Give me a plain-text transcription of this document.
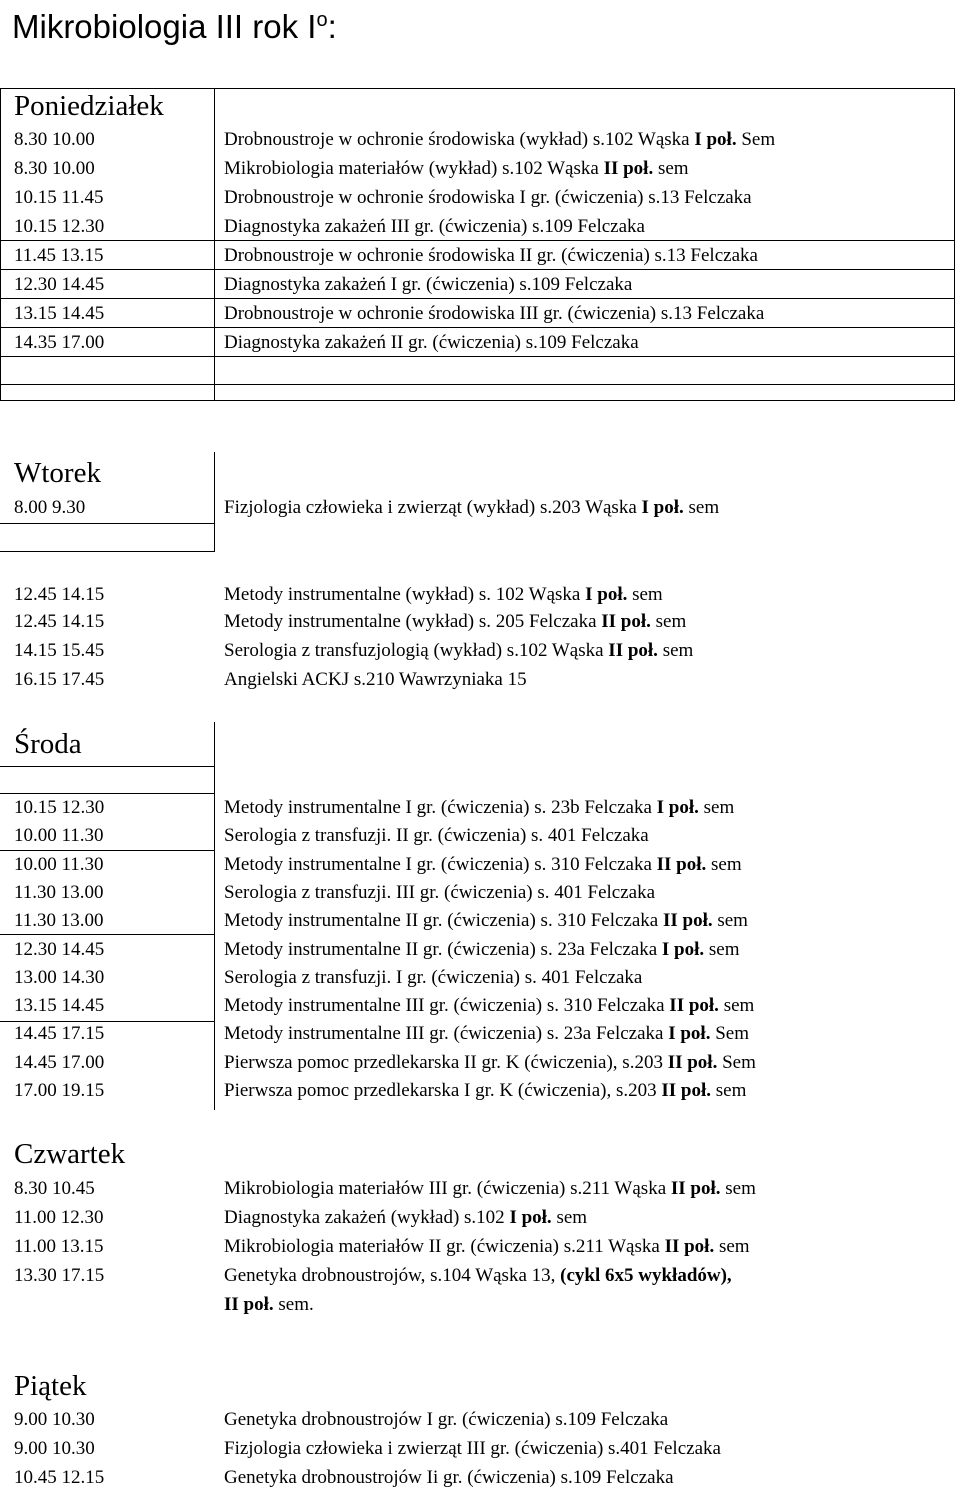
Mikrobiologia III rok $I^o$:
Poniedziałek
8.30 10.00	Drobnoustroje w ochronie środowiska (wykład) s.102 Wąska I poł. Sem
8.30 10.00	Mikrobiologia materiałów (wykład) s.102 Wąska II poł. sem
10.15 11.45	Drobnoustroje w ochronie środowiska I gr. (ćwiczenia) s.13 Felczaka
10.15 12.30	Diagnostyka zakażeń III gr. (ćwiczenia) s.109 Felczaka
11.45 13.15	Drobnoustroje w ochronie środowiska II gr. (ćwiczenia) s.13 Felczaka
12.30 14.45	Diagnostyka zakażeń I gr. (ćwiczenia) s.109 Felczaka
13.15 14.45	Drobnoustroje w ochronie środowiska III gr. (ćwiczenia) s.13 Felczaka
14.35 17.00	Diagnostyka zakażeń II gr. (ćwiczenia) s.109 Felczaka
Wtorek
8.00 9.30	Fizjologia człowieka i zwierząt (wykład) s.203 Wąska I poł. sem
12.45 14.15	Metody instrumentalne (wykład) s. 102 Wąska I poł. sem
12.45 14.15	Metody instrumentalne (wykład) s. 205 Felczaka II poł. sem
14.15 15.45	Serologia z transfuzjologią (wykład) s.102 Wąska II poł. sem
16.15 17.45	Angielski ACKJ s.210 Wawrzyniaka 15
Środa
10.15 12.30	Metody instrumentalne I gr. (ćwiczenia) s. 23b Felczaka I poł. sem
10.00 11.30	Serologia z transfuzji. II gr. (ćwiczenia) s. 401 Felczaka
10.00 11.30	Metody instrumentalne I gr. (ćwiczenia) s. 310 Felczaka II poł. sem
11.30 13.00	Serologia z transfuzji. III gr. (ćwiczenia) s. 401 Felczaka
11.30 13.00	Metody instrumentalne II gr. (ćwiczenia) s. 310 Felczaka II poł. sem
12.30 14.45	Metody instrumentalne II gr. (ćwiczenia) s. 23a Felczaka I poł. sem
13.00 14.30	Serologia z transfuzji. I gr. (ćwiczenia) s. 401 Felczaka
13.15 14.45	Metody instrumentalne III gr. (ćwiczenia) s. 310 Felczaka II poł. sem
14.45 17.15	Metody instrumentalne III gr. (ćwiczenia) s. 23a Felczaka I poł. Sem
14.45 17.00	Pierwsza pomoc przedlekarska II gr. K (ćwiczenia), s.203 II poł. Sem
17.00 19.15	Pierwsza pomoc przedlekarska I gr. K (ćwiczenia), s.203 II poł. sem
Czwartek
8.30 10.45	Mikrobiologia materiałów III gr. (ćwiczenia) s.211 Wąska II poł. sem
11.00 12.30	Diagnostyka zakażeń (wykład) s.102 I poł. sem
11.00 13.15	Mikrobiologia materiałów II gr. (ćwiczenia) s.211 Wąska II poł. sem
13.30 17.15	Genetyka drobnoustrojów, s.104 Wąska 13, (cykl 6x5 wykładów),
II poł. sem.
Piątek
9.00 10.30	Genetyka drobnoustrojów I gr. (ćwiczenia) s.109 Felczaka
9.00 10.30	Fizjologia człowieka i zwierząt III gr. (ćwiczenia) s.401 Felczaka
10.45 12.15	Genetyka drobnoustrojów Ii gr. (ćwiczenia) s.109 Felczaka
